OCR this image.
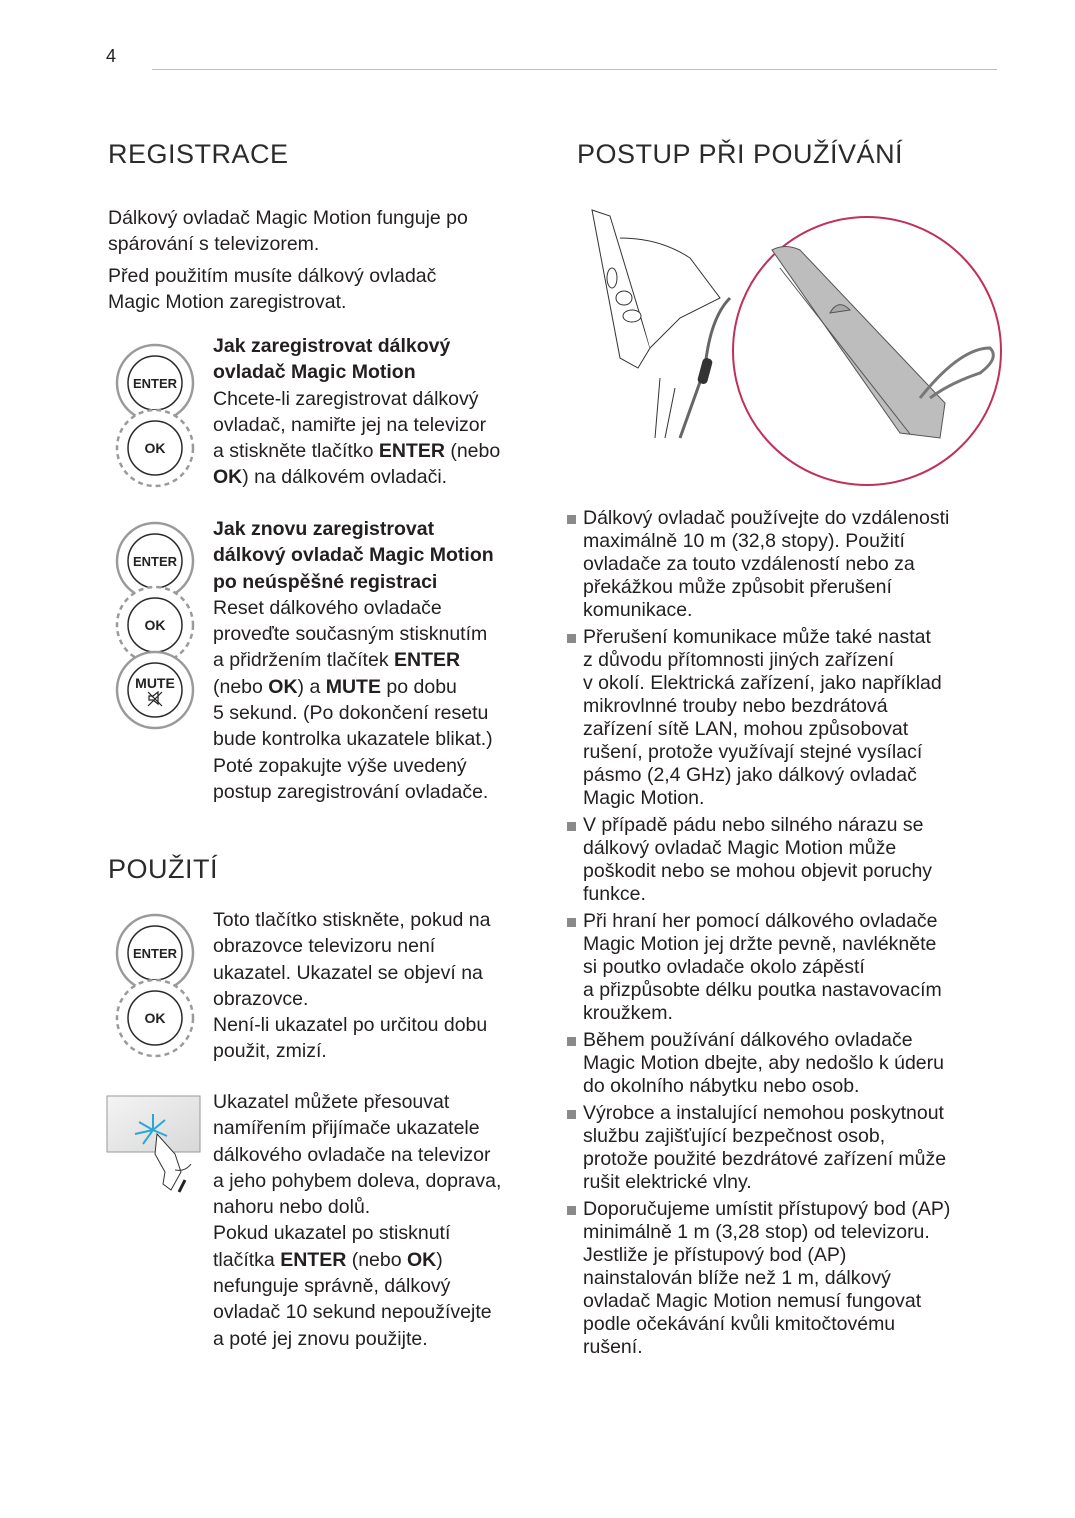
4
REGISTRACE
Dálkový ovladač Magic Motion funguje po
spárování s televizorem.
Před použitím musíte dálkový ovladač
Magic Motion zaregistrovat.
ENTER
OK
Jak zaregistrovat dálkový
ovladač Magic Motion
Chcete-li zaregistrovat dálkový
ovladač, namiřte jej na televizor
a stiskněte tlačítko ENTER (nebo
OK) na dálkovém ovladači.
ENTER
OK
MUTE
Jak znovu zaregistrovat
dálkový ovladač Magic Motion
po neúspěšné registraci
Reset dálkového ovladače
proveďte současným stisknutím
a přidržením tlačítek ENTER
(nebo OK) a MUTE po dobu
5 sekund. (Po dokončení resetu
bude kontrolka ukazatele blikat.)
Poté zopakujte výše uvedený
postup zaregistrování ovladače.
POUŽITÍ
ENTER
OK
Toto tlačítko stiskněte, pokud na
obrazovce televizoru není
ukazatel. Ukazatel se objeví na
obrazovce.
Není-li ukazatel po určitou dobu
použit, zmizí.
Ukazatel můžete přesouvat
namířením přijímače ukazatele
dálkového ovladače na televizor
a jeho pohybem doleva, doprava,
nahoru nebo dolů.
Pokud ukazatel po stisknutí
tlačítka ENTER (nebo OK)
nefunguje správně, dálkový
ovladač 10 sekund nepoužívejte
a poté jej znovu použijte.
POSTUP PŘI POUŽÍVÁNÍ
Dálkový ovladač používejte do vzdálenosti
maximálně 10 m (32,8 stopy). Použití
ovladače za touto vzdáleností nebo za
překážkou může způsobit přerušení
komunikace.
Přerušení komunikace může také nastat
z důvodu přítomnosti jiných zařízení
v okolí. Elektrická zařízení, jako například
mikrovlnné trouby nebo bezdrátová
zařízení sítě LAN, mohou způsobovat
rušení, protože využívají stejné vysílací
pásmo (2,4 GHz) jako dálkový ovladač
Magic Motion.
V případě pádu nebo silného nárazu se
dálkový ovladač Magic Motion může
poškodit nebo se mohou objevit poruchy
funkce.
Při hraní her pomocí dálkového ovladače
Magic Motion jej držte pevně, navlékněte
si poutko ovladače okolo zápěstí
a přizpůsobte délku poutka nastavovacím
kroužkem.
Během používání dálkového ovladače
Magic Motion dbejte, aby nedošlo k úderu
do okolního nábytku nebo osob.
Výrobce a instalující nemohou poskytnout
službu zajišťující bezpečnost osob,
protože použité bezdrátové zařízení může
rušit elektrické vlny.
Doporučujeme umístit přístupový bod (AP)
minimálně 1 m (3,28 stop) od televizoru.
Jestliže je přístupový bod (AP)
nainstalován blíže než 1 m, dálkový
ovladač Magic Motion nemusí fungovat
podle očekávání kvůli kmitočtovému
rušení.
